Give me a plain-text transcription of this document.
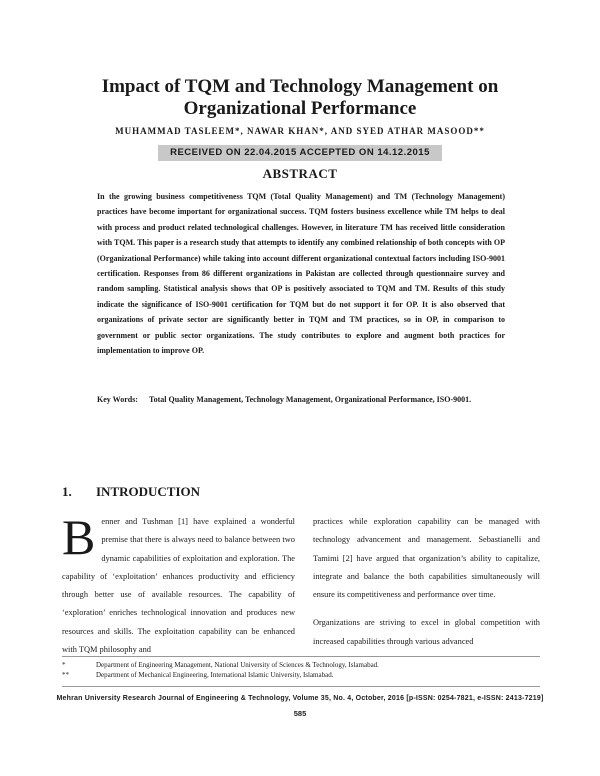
Impact of TQM and Technology Management on Organizational Performance
MUHAMMAD TASLEEM*, NAWAR KHAN*, AND SYED ATHAR MASOOD**
RECEIVED ON 22.04.2015 ACCEPTED ON 14.12.2015
ABSTRACT
In the growing business competitiveness TQM (Total Quality Management) and TM (Technology Management) practices have become important for organizational success. TQM fosters business excellence while TM helps to deal with process and product related technological challenges. However, in literature TM has received little consideration with TQM. This paper is a research study that attempts to identify any combined relationship of both concepts with OP (Organizational Performance) while taking into account different organizational contextual factors including ISO-9001 certification. Responses from 86 different organizations in Pakistan are collected through questionnaire survey and random sampling. Statistical analysis shows that OP is positively associated to TQM and TM. Results of this study indicate the significance of ISO-9001 certification for TQM but do not support it for OP. It is also observed that organizations of private sector are significantly better in TQM and TM practices, so in OP, in comparison to government or public sector organizations. The study contributes to explore and augment both practices for implementation to improve OP.
Key Words: Total Quality Management, Technology Management, Organizational Performance, ISO-9001.
1. INTRODUCTION
B enner and Tushman [1] have explained a wonderful premise that there is always need to balance between two dynamic capabilities of exploitation and exploration. The capability of ‘exploitation’ enhances productivity and efficiency through better use of available resources. The capability of ‘exploration’ enriches technological innovation and produces new resources and skills. The exploitation capability can be enhanced with TQM philosophy and

practices while exploration capability can be managed with technology advancement and management. Sebastianelli and Tamimi [2] have argued that organization’s ability to capitalize, integrate and balance the both capabilities simultaneously will ensure its competitiveness and performance over time.

Organizations are striving to excel in global competition with increased capabilities through various advanced

*	Department of Engineering Management, National University of Sciences & Technology, Islamabad.
**	Department of Mechanical Engineering, International Islamic University, Islamabad.
Mehran University Research Journal of Engineering & Technology, Volume 35, No. 4, October, 2016 [p-ISSN: 0254-7821, e-ISSN: 2413-7219]
585
